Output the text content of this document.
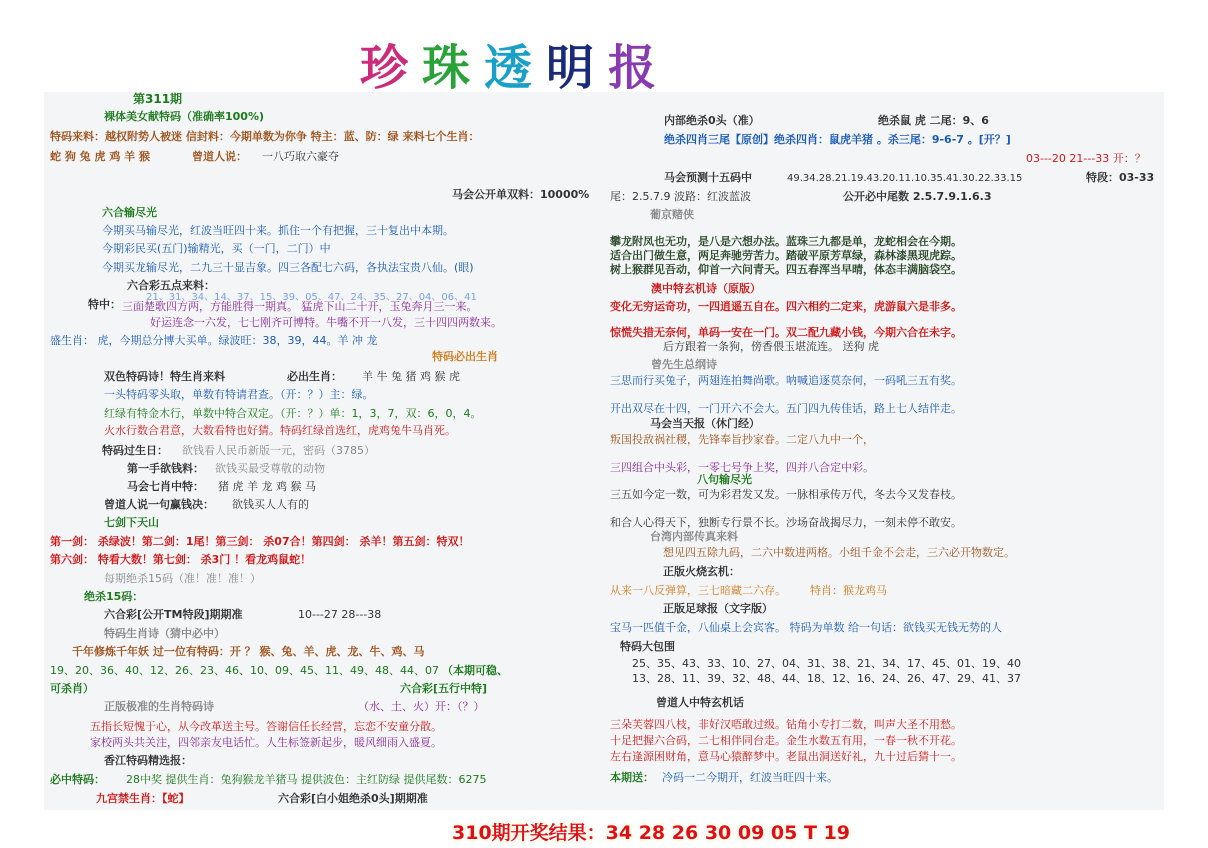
珍珠透明报
第311期
裸体美女献特码（准确率100%)
特码来料：越权附势人被迷 信封料：今期单数为你争 特主：蓝、防：绿 来料七个生肖：
蛇 狗 兔 虎 鸡 羊 猴	曾道人说： 一八巧取六豪夺
马会公开单双料：10000%
六合输尽光
今期买马输尽光，红波当旺四十来。抓住一个有把握，三十复出中本期。
今期彩民买(五门)输精光，买（一门，二门）中
今期买龙输尽光，二九三十显吉象。四三各配七六码，各执法宝贵八仙。(眼)
六合彩五点来料：
21、31、34、14、37、15、39、05、47、24、35、27、04、06、41
特中： 三面楚歌四方两，方能胜得一期真。 猛虎下山二十开，玉兔奔月三一来。
好运连念一六发，七七刚齐可博特。牛嘴不开一八发，三十四四两数来。
盛生肖： 虎，今期总分博大买单。绿波旺：38，39，44。羊 冲 龙
特码必出生肖
双色特码诗！特生肖来料	必出生肖： 羊 牛 兔 猪 鸡 猴 虎
一头特码零头取，单数有特请君查。（开：？）主：绿。
红绿有特金木行，单数中特合双定。（开：？）单：1，3，7，双：6，0，4。
火水行数合君意，大数看特也好猜。特码红绿首选红，虎鸡兔牛马肖死。
特码过生日： 欲钱看人民币新版一元，密码（3785）
第一手欲钱料： 欲钱买最受尊敬的动物
马会七肖中特： 猪 虎 羊 龙 鸡 猴 马
曾道人说一句赢钱决： 欲钱买人人有的
七剑下天山
第一剑： 杀绿波！第二剑：1尾！第三剑： 杀07合！第四剑： 杀羊！第五剑：特双！
第六剑： 特看大数！第七剑： 杀3门 ！看龙鸡鼠蛇！
每期绝杀15码（准！准！准！）
绝杀15码：
六合彩[公开TM特段]期期准	10---27 28---38
特码生肖诗（猜中必中）
千年修炼千年妖 过一位有特码：开 ？ 猴、兔、羊、虎、龙、牛、鸡、马
19、20、36、40、12、26、23、46、10、09、45、11、49、48、44、07 （本期可稳、
可杀肖）	六合彩[五行中特]
正版极准的生肖特码诗	（水、土、火）开：（？）
五指长短愧于心，从今改革送主号。答谢信任长经营，忘恋不安童分散。
家校两头共关注，四邻亲友电话忙。人生标签新起步，暖风细雨入盛夏。
香江特码精选报：
必中特码： 28中奖 提供生肖：兔狗猴龙羊猪马 提供波色：主红防绿 提供尾数：6275
九宫禁生肖：【蛇】	六合彩[白小姐绝杀0头]期期准
内部绝杀0头（准）	绝杀鼠 虎 二尾：9、6
绝杀四肖三尾【原创】绝杀四肖：鼠虎羊猪 。杀三尾：9-6-7 。[开？]
03---20 21---33 开：？
马会预测十五码中	49.34.28.21.19.43.20.11.10.35.41.30.22.33.15	特段：03-33
尾：2.5.7.9 波路：红波蓝波	公开必中尾数 2.5.7.9.1.6.3
葡京赌侠
攀龙附凤也无功，是八是六想办法。蓝珠三九都是单，龙蛇相会在今期。
适合出门做生意，两足奔驰劳苦力。踏破平原芳草绿，森林漆黑现虎踪。
树上猴群见吾动，仰首一六问青天。四五春浑当早晴，体态丰满脑袋空。
澳中特玄机诗（原版）
变化无穷运奇功，一四逍遥五自在。四六相约二定来，虎游鼠六是非多。
惊慌失措无奈何，单码一安在一门。双二配九藏小钱，今期六合在未字。
后方跟着一条狗，傍香偎玉堪流连。 送狗 虎
曾先生总纲诗
三思而行买兔子，两翅连拍舞尚歌。呐喊追逐莫奈何，一码吼三五有奖。
开出双尽在十四，一门开六不会大。五门四九传佳话，路上七人结伴走。
马会当天报（休门经）
叛国投敌祸社稷，先锋奉旨抄家眷。二定八九中一个，
三四组合中头彩，一零七号争上奖，四并八合定中彩。
八句输尽光
三五如今定一数，可为彩君发又发。一脉相承传万代，冬去今又发春枝。
和合人心得天下，独断专行景不长。沙场奋战揭尽力，一刻未停不敢安。
台湾内部传真来料
想见四五除九码，二六中数进两格。小组千金不会走，三六必开物数定。
正版火烧玄机：
从来一八反弹算，三七暗藏二六存。 特肖：猴龙鸡马
正版足球报（文字版）
宝马一匹值千金，八仙桌上会宾客。 特码为单数 给一句话：欲钱买无钱无势的人
特码大包围
25、35、43、33、10、27、04、31、38、21、34、17、45、01、19、40
13、28、11、39、32、48、44、18、12、16、24、26、47、29、41、37
曾道人中特玄机话
三朵芙蓉四八枝，非好汉唔敢过级。钻角小专打二数，叫声大圣不用愁。
十足把握六合码，二七相伴同台走。金生水数五有用，一春一秋不开花。
左右逢源困财角，意马心猿醉梦中。老鼠出洞送好礼，九十过后猜十一。
本期送： 冷码一二今期开，红波当旺四十来。
310期开奖结果：34 28 26 30 09 05 T 19
